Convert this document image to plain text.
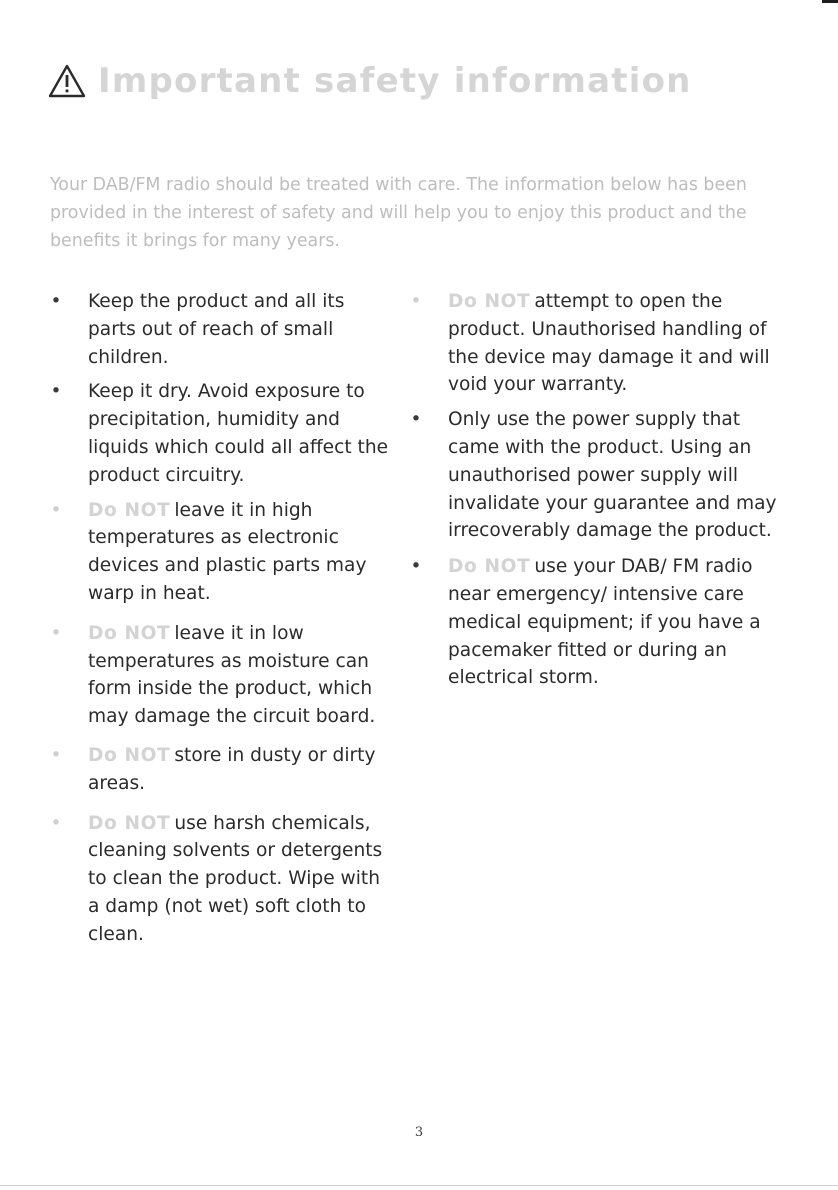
Important safety information

Your DAB/FM radio should be treated with care. The information below has been provided in the interest of safety and will help you to enjoy this product and the benefits it brings for many years.

• Keep the product and all its parts out of reach of small children.
• Keep it dry. Avoid exposure to precipitation, humidity and liquids which could all affect the product circuitry.
• Do NOT leave it in high temperatures as electronic devices and plastic parts may warp in heat.
• Do NOT leave it in low temperatures as moisture can form inside the product, which may damage the circuit board.
• Do NOT store in dusty or dirty areas.
• Do NOT use harsh chemicals, cleaning solvents or detergents to clean the product. Wipe with a damp (not wet) soft cloth to clean.
• Do NOT attempt to open the product. Unauthorised handling of the device may damage it and will void your warranty.
• Only use the power supply that came with the product. Using an unauthorised power supply will invalidate your guarantee and may irrecoverably damage the product.
• Do NOT use your DAB/ FM radio near emergency/ intensive care medical equipment; if you have a pacemaker fitted or during an electrical storm.
3
